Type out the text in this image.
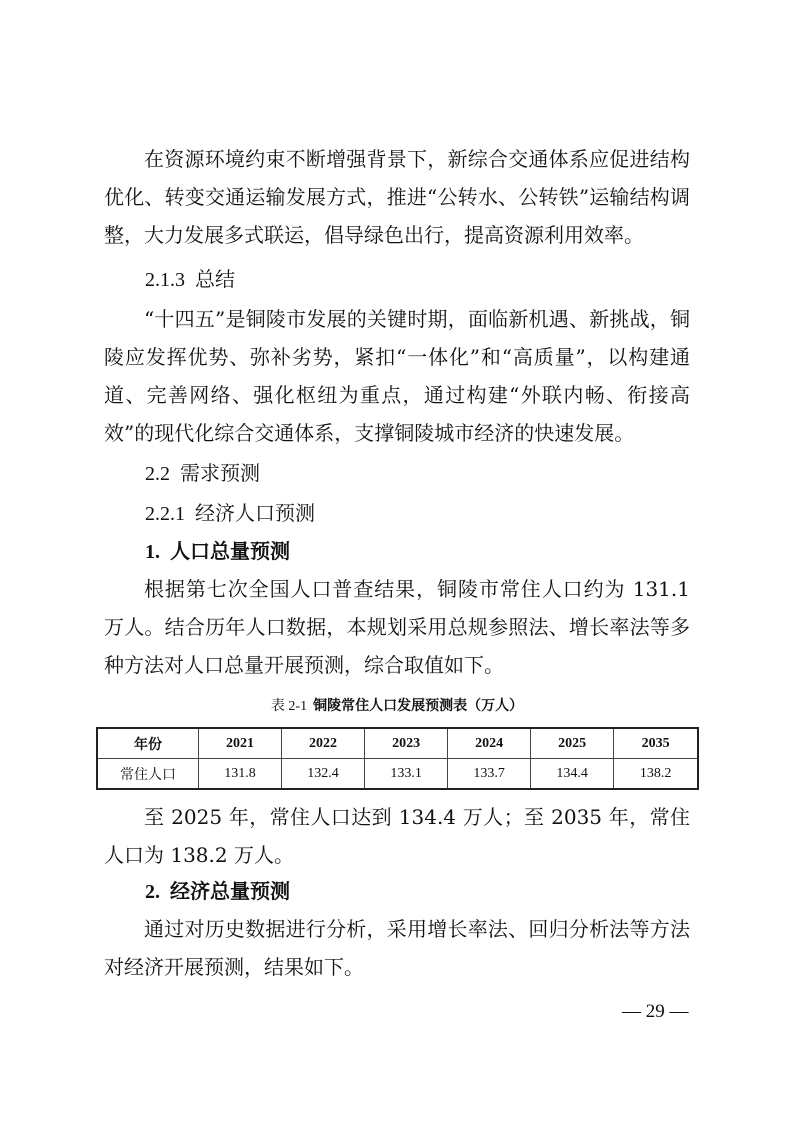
在资源环境约束不断增强背景下，新综合交通体系应促进结构优化、转变交通运输发展方式，推进“公转水、公转铁”运输结构调整，大力发展多式联运，倡导绿色出行，提高资源利用效率。

2.1.3 总结

“十四五”是铜陵市发展的关键时期，面临新机遇、新挑战，铜陵应发挥优势、弥补劣势，紧扣“一体化”和“高质量”，以构建通道、完善网络、强化枢纽为重点，通过构建“外联内畅、衔接高效”的现代化综合交通体系，支撑铜陵城市经济的快速发展。

2.2 需求预测
2.2.1 经济人口预测
1. 人口总量预测

根据第七次全国人口普查结果，铜陵市常住人口约为 131.1 万人。结合历年人口数据，本规划采用总规参照法、增长率法等多种方法对人口总量开展预测，综合取值如下。

表 2-1 铜陵常住人口发展预测表（万人）
年份	2021	2022	2023	2024	2025	2035
常住人口	131.8	132.4	133.1	133.7	134.4	138.2

至 2025 年，常住人口达到 134.4 万人；至 2035 年，常住人口为 138.2 万人。

2. 经济总量预测

通过对历史数据进行分析，采用增长率法、回归分析法等方法对经济开展预测，结果如下。

— 29 —
